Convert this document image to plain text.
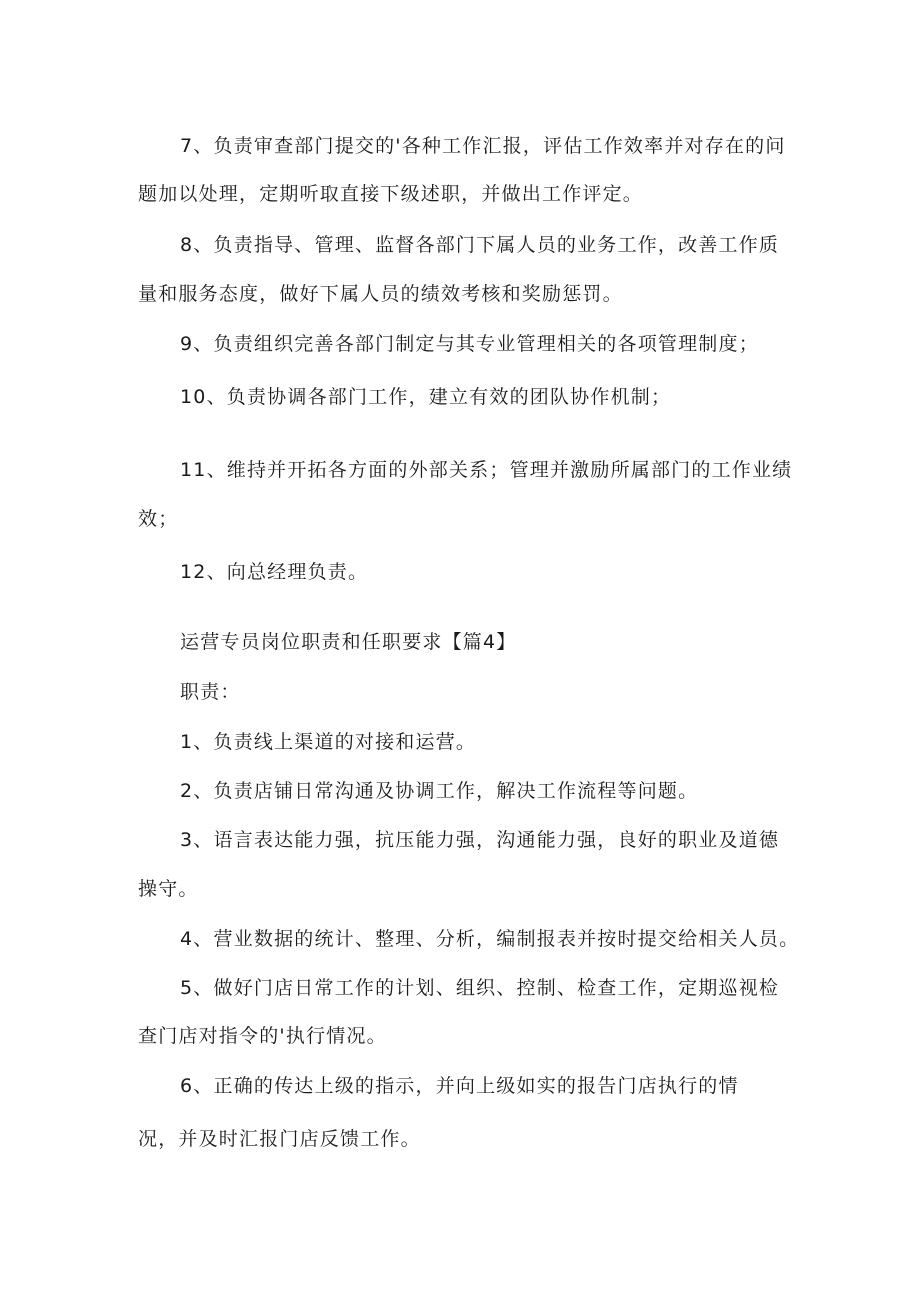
7、负责审查部门提交的'各种工作汇报，评估工作效率并对存在的问
题加以处理，定期听取直接下级述职，并做出工作评定。
8、负责指导、管理、监督各部门下属人员的业务工作，改善工作质
量和服务态度，做好下属人员的绩效考核和奖励惩罚。
9、负责组织完善各部门制定与其专业管理相关的各项管理制度；
10、负责协调各部门工作，建立有效的团队协作机制；
11、维持并开拓各方面的外部关系；管理并激励所属部门的工作业绩
效；
12、向总经理负责。
运营专员岗位职责和任职要求【篇4】
职责：
1、负责线上渠道的对接和运营。
2、负责店铺日常沟通及协调工作，解决工作流程等问题。
3、语言表达能力强，抗压能力强，沟通能力强，良好的职业及道德
操守。
4、营业数据的统计、整理、分析，编制报表并按时提交给相关人员。
5、做好门店日常工作的计划、组织、控制、检查工作，定期巡视检
查门店对指令的'执行情况。
6、正确的传达上级的指示，并向上级如实的报告门店执行的情
况，并及时汇报门店反馈工作。
